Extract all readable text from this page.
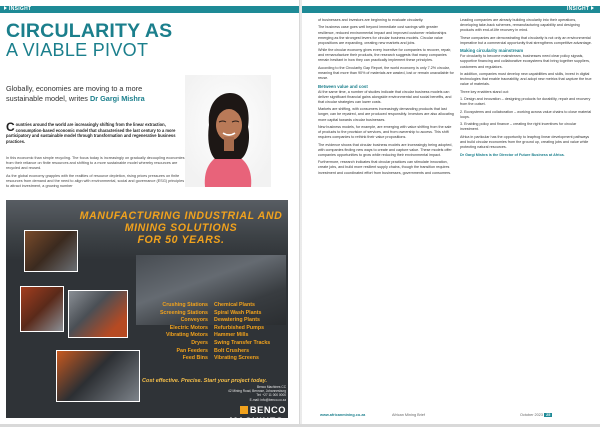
INSIGHT
CIRCULARITY AS
A VIABLE PIVOT
Globally, economies are moving to a more sustainable model, writes Dr Gargi Mishra
C ountries around the world are increasingly shifting from the linear extraction, consumption-based economic model that characterised the last century to a more participatory and sustainable model through transformation and regenerative business practices.

In this economic than simple recycling. The focus today is increasingly on gradually decoupling economies from their reliance on finite resources and shifting to a more sustainable model whereby resources are recycled and reused.

As the global economy grapples with the realities of resource depletion, rising prices pressures on finite resources from demand and the need to align with environmental, social and governance (ESG) principles to attract investment, a growing number

MANUFACTURING INDUSTRIAL AND
MINING SOLUTIONS
FOR 50 YEARS.
Crushing Stations
Screening Stations
Conveyors
Electric Motors
Vibrating Motors
Dryers
Pan Feeders
Feed Bins
Chemical Plants
Spiral Wash Plants
Dewatering Plants
Refurbished Pumps
Hammer Mills
Swing Transfer Tracks
Bolt Crushers
Vibrating Screens
Cost effective. Precise. Start your project today.
Benco Machines CC
42 Mining Road, Benrose, Johannesburg
Tel: +27 11 000 0000
E-mail: info@benco.co.za
BENCO MACHINES.
INSIGHT

of businesses and investors are beginning to evaluate circularity.

The business case goes well beyond immediate cost savings with greater resilience, reduced environmental impact and improved customer relationships emerging as the strongest levers for circular business models. Circular value propositions are expanding, creating new markets and jobs.

While the circular economy gives every incentive for companies to recover, repair, and remanufacture their products, the research suggests that many companies remain hesitant in how they can practically implement these principles.

According to the Circularity Gap Report, the world economy is only 7.2% circular, meaning that more than 90% of materials are wasted, lost or remain unavailable for reuse.

Between value and cost

At the same time, a number of studies indicate that circular business models can deliver significant financial gains alongside environmental and social benefits, and that circular strategies can lower costs.

Markets are shifting, with consumers increasingly demanding products that last longer, can be repaired, and are produced responsibly. Investors are also allocating more capital towards circular businesses.

New business models, for example, are emerging with value shifting from the sale of products to the provision of services, and from ownership to access. This shift requires companies to rethink their value propositions.

The evidence shows that circular business models are increasingly being adopted, with companies finding new ways to create and capture value. These models offer companies opportunities to grow while reducing their environmental impact.

Furthermore, research indicates that circular practices can stimulate innovation, create jobs, and build more resilient supply chains, though the transition requires investment and coordinated effort from businesses, governments and consumers.

Leading companies are already building circularity into their operations, developing take-back schemes, remanufacturing capability and designing products with end-of-life recovery in mind.

These companies are demonstrating that circularity is not only an environmental imperative but a commercial opportunity that strengthens competitive advantage.

Making circularity mainstream

For circularity to become mainstream, businesses need clear policy signals, supportive financing and collaborative ecosystems that bring together suppliers, customers and regulators.

In addition, companies must develop new capabilities and skills, invest in digital technologies that enable traceability, and adopt new metrics that capture the true value of materials.

Three key enablers stand out:

1. Design and innovation – designing products for durability, repair and recovery from the outset.

2. Ecosystems and collaboration – working across value chains to close material loops.

3. Enabling policy and finance – creating the right incentives for circular investment.

Africa in particular has the opportunity to leapfrog linear development pathways and build circular economies from the ground up, creating jobs and value while protecting natural resources.

Dr Gargi Mishra is the Director of Future Business at Africa.

www.africanmining.co.za	African Mining Brief	October 2023 25
